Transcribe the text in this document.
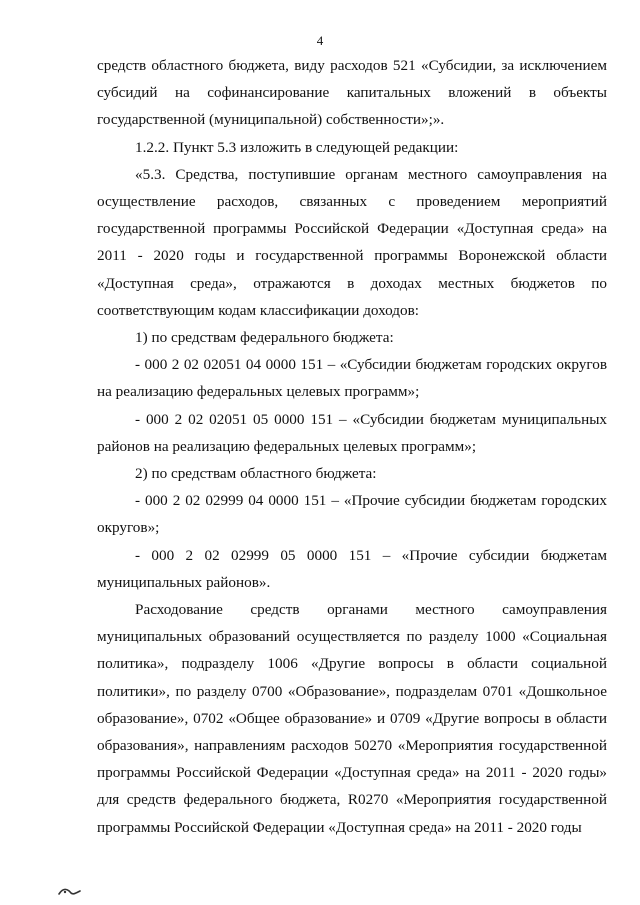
4

средств областного бюджета, виду расходов 521 «Субсидии, за исключением субсидий на софинансирование капитальных вложений в объекты государственной (муниципальной) собственности»;».

1.2.2. Пункт 5.3 изложить в следующей редакции:

«5.3. Средства, поступившие органам местного самоуправления на осуществление расходов, связанных с проведением мероприятий государственной программы Российской Федерации «Доступная среда» на 2011 - 2020 годы и государственной программы Воронежской области «Доступная среда», отражаются в доходах местных бюджетов по соответствующим кодам классификации доходов:

1) по средствам федерального бюджета:

- 000 2 02 02051 04 0000 151 – «Субсидии бюджетам городских округов на реализацию федеральных целевых программ»;

- 000 2 02 02051 05 0000 151 – «Субсидии бюджетам муниципальных районов на реализацию федеральных целевых программ»;

2) по средствам областного бюджета:

- 000 2 02 02999 04 0000 151 – «Прочие субсидии бюджетам городских округов»;

- 000 2 02 02999 05 0000 151 – «Прочие субсидии бюджетам муниципальных районов».

Расходование средств органами местного самоуправления муниципальных образований осуществляется по разделу 1000 «Социальная политика», подразделу 1006 «Другие вопросы в области социальной политики», по разделу 0700 «Образование», подразделам 0701 «Дошкольное образование», 0702 «Общее образование» и 0709 «Другие вопросы в области образования», направлениям расходов 50270 «Мероприятия государственной программы Российской Федерации «Доступная среда» на 2011 - 2020 годы» для средств федерального бюджета, R0270 «Мероприятия государственной программы Российской Федерации «Доступная среда» на 2011 - 2020 годы
